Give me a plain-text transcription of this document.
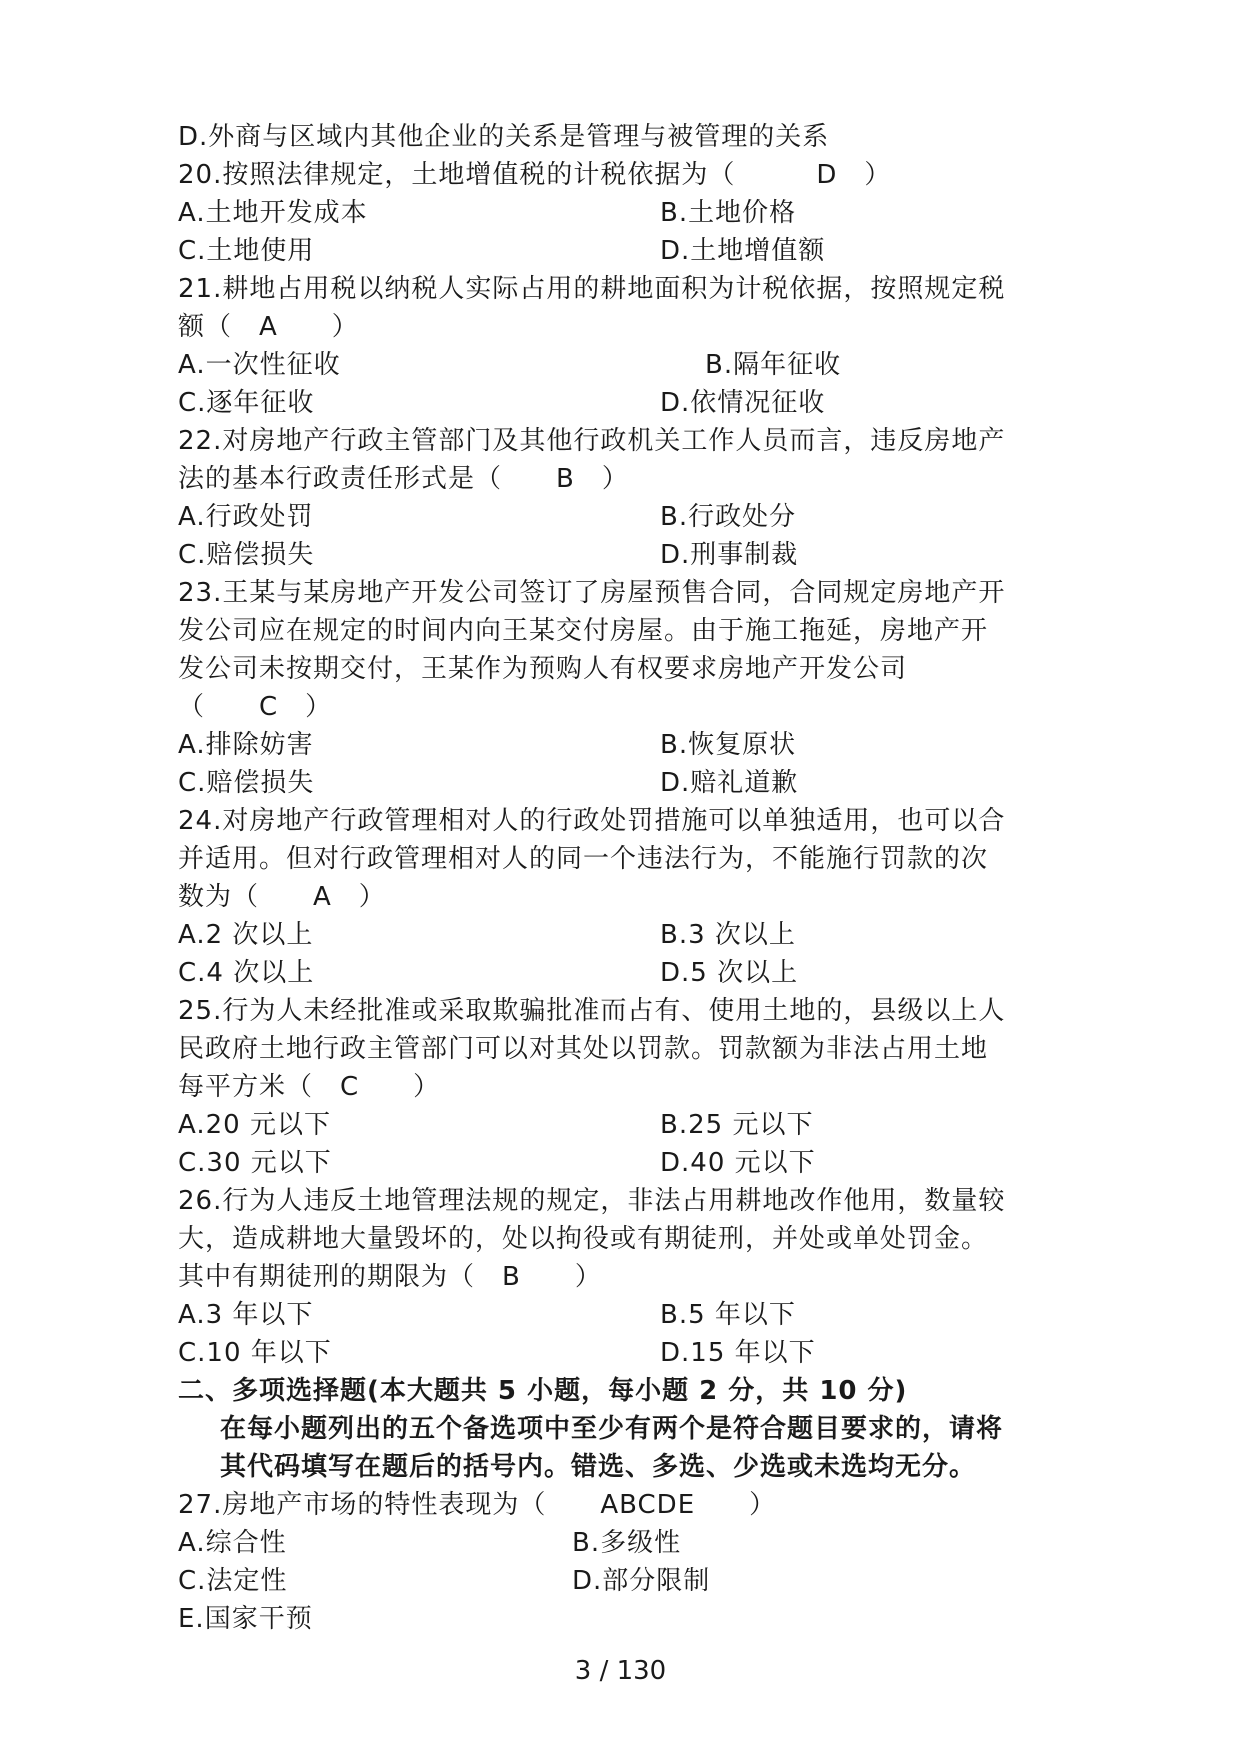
D.外商与区域内其他企业的关系是管理与被管理的关系
20.按照法律规定，土地增值税的计税依据为（　　　D　）
A.土地开发成本	B.土地价格
C.土地使用	D.土地增值额
21.耕地占用税以纳税人实际占用的耕地面积为计税依据，按照规定税
额（　A　　）
A.一次性征收	B.隔年征收
C.逐年征收	D.依情况征收
22.对房地产行政主管部门及其他行政机关工作人员而言，违反房地产
法的基本行政责任形式是（　　B　）
A.行政处罚	B.行政处分
C.赔偿损失	D.刑事制裁
23.王某与某房地产开发公司签订了房屋预售合同，合同规定房地产开
发公司应在规定的时间内向王某交付房屋。由于施工拖延，房地产开
发公司未按期交付，王某作为预购人有权要求房地产开发公司
（　　C　）
A.排除妨害	B.恢复原状
C.赔偿损失	D.赔礼道歉
24.对房地产行政管理相对人的行政处罚措施可以单独适用，也可以合
并适用。但对行政管理相对人的同一个违法行为，不能施行罚款的次
数为（　　A　）
A.2 次以上	B.3 次以上
C.4 次以上	D.5 次以上
25.行为人未经批准或采取欺骗批准而占有、使用土地的，县级以上人
民政府土地行政主管部门可以对其处以罚款。罚款额为非法占用土地
每平方米（　C　　）
A.20 元以下	B.25 元以下
C.30 元以下	D.40 元以下
26.行为人违反土地管理法规的规定，非法占用耕地改作他用，数量较
大，造成耕地大量毁坏的，处以拘役或有期徒刑，并处或单处罚金。
其中有期徒刑的期限为（　B　　）
A.3 年以下	B.5 年以下
C.10 年以下	D.15 年以下
二、多项选择题(本大题共 5 小题，每小题 2 分，共 10 分)
在每小题列出的五个备选项中至少有两个是符合题目要求的，请将
其代码填写在题后的括号内。错选、多选、少选或未选均无分。
27.房地产市场的特性表现为（　　ABCDE　　）
A.综合性	B.多级性
C.法定性	D.部分限制
E.国家干预
3 / 130
